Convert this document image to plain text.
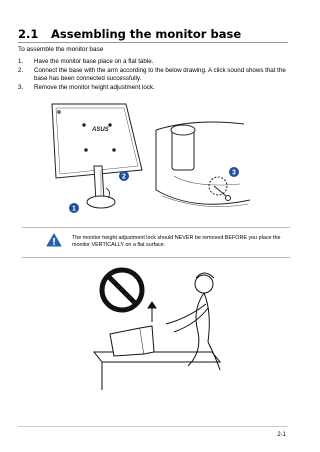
2.1 Assembling the monitor base
To assemble the monitor base
1.	Have the monitor base place on a flat table.
2.	Connect the base with the arm according to the below drawing. A click sound shows that the base has been connected successfully.
3.	Remove the monitor height adjustment lock.
ASUS
1
2
3
The monitor height adjustment lock should NEVER be removed BEFORE you place the monitor VERTICALLY on a flat surface.
2-1
